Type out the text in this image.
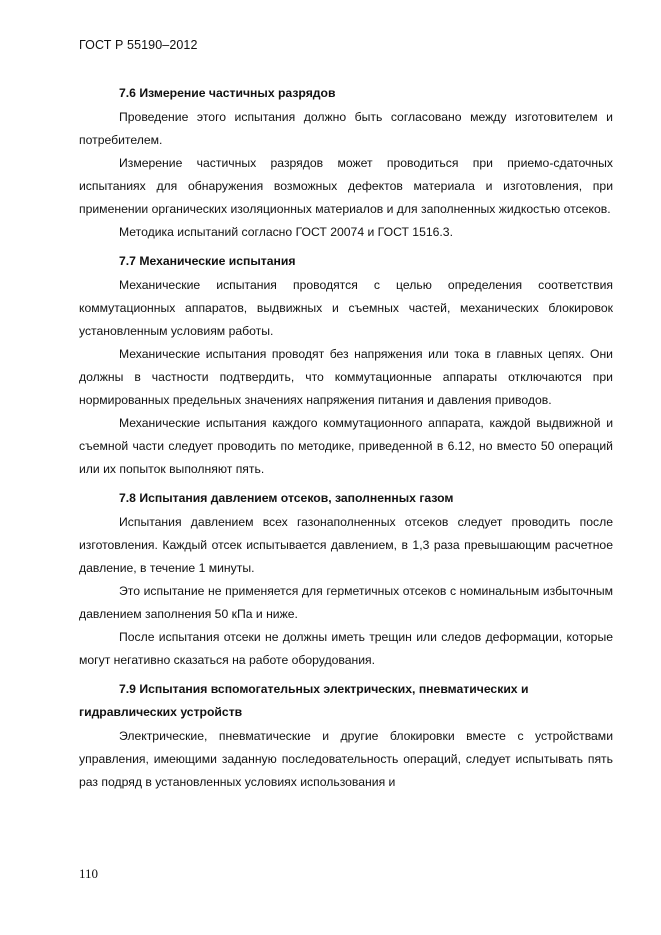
ГОСТ Р 55190–2012
7.6 Измерение частичных разрядов

Проведение этого испытания должно быть согласовано между изготовителем и потребителем.

Измерение частичных разрядов может проводиться при приемо-сдаточных испытаниях для обнаружения возможных дефектов материала и изготовления, при применении органических изоляционных материалов и для заполненных жидкостью отсеков.

Методика испытаний согласно ГОСТ 20074 и ГОСТ 1516.3.

7.7 Механические испытания

Механические испытания проводятся с целью определения соответствия коммутационных аппаратов, выдвижных и съемных частей, механических блокировок установленным условиям работы.

Механические испытания проводят без напряжения или тока в главных цепях. Они должны в частности подтвердить, что коммутационные аппараты отключаются при нормированных предельных значениях напряжения питания и давления приводов.

Механические испытания каждого коммутационного аппарата, каждой выдвижной и съемной части следует проводить по методике, приведенной в 6.12, но вместо 50 операций или их попыток выполняют пять.

7.8 Испытания давлением отсеков, заполненных газом

Испытания давлением всех газонаполненных отсеков следует проводить после изготовления. Каждый отсек испытывается давлением, в 1,3 раза превышающим расчетное давление, в течение 1 минуты.

Это испытание не применяется для герметичных отсеков с номинальным избыточным давлением заполнения 50 кПа и ниже.

После испытания отсеки не должны иметь трещин или следов деформации, которые могут негативно сказаться на работе оборудования.

7.9 Испытания вспомогательных электрических, пневматических и гидравлических устройств

Электрические, пневматические и другие блокировки вместе с устройствами управления, имеющими заданную последовательность операций, следует испытывать пять раз подряд в установленных условиях использования и

110
